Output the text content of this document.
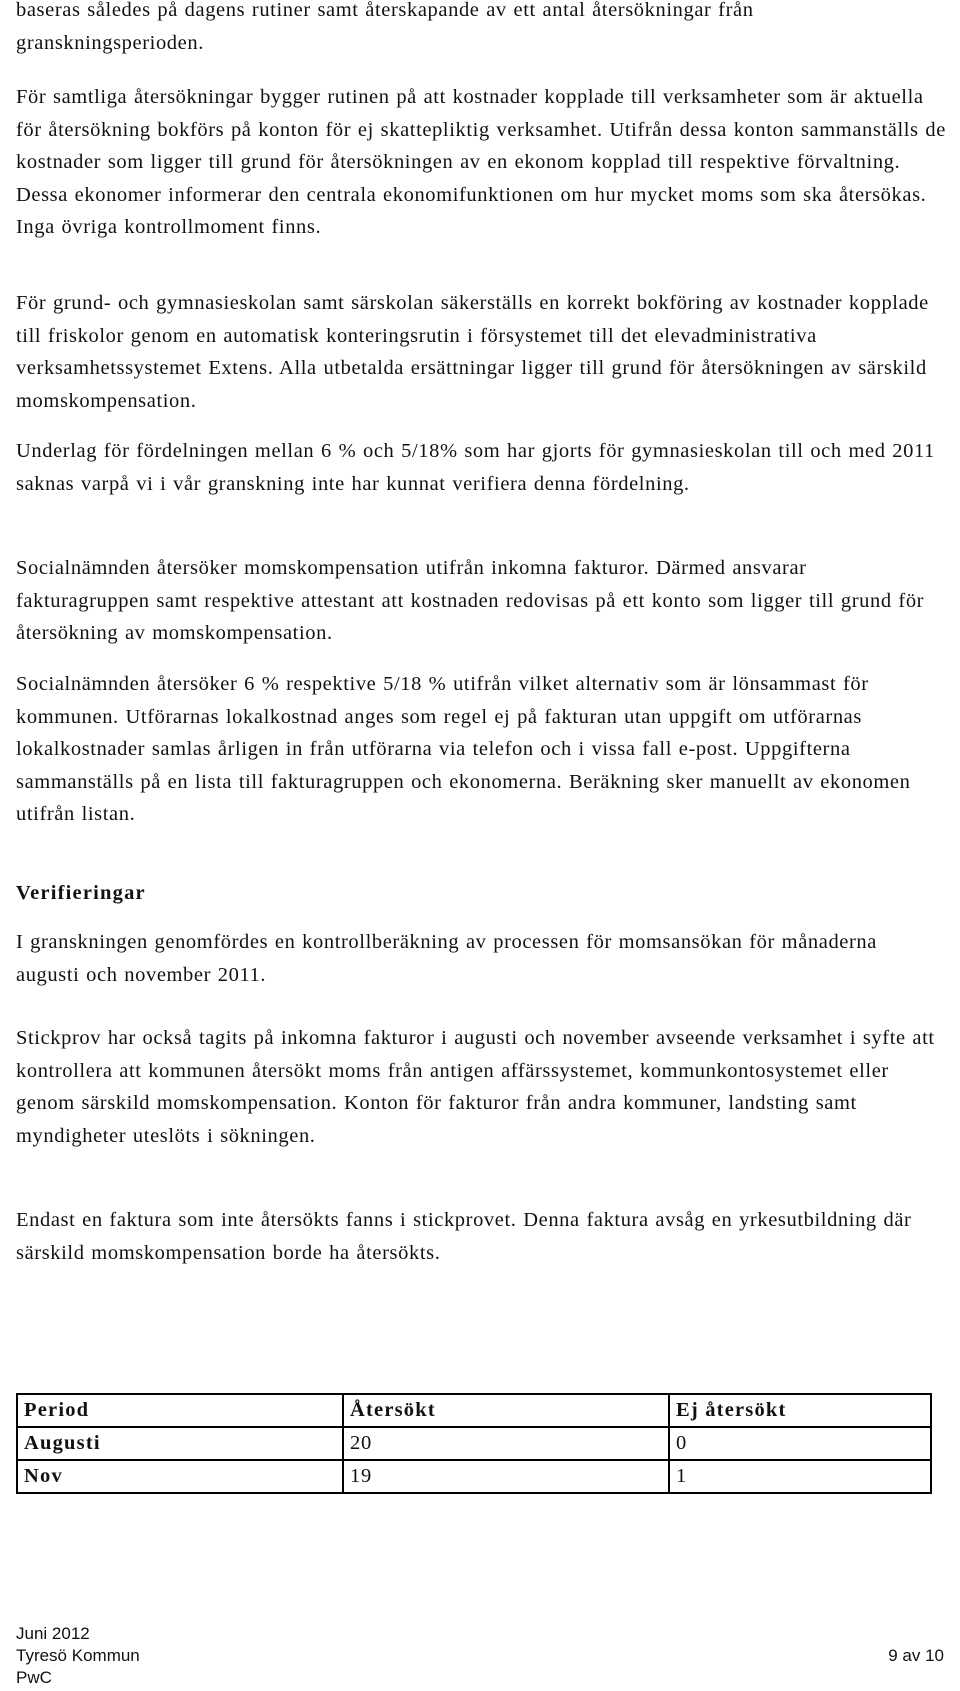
baseras således på dagens rutiner samt återskapande av ett antal återsökningar från granskningsperioden.

För samtliga återsökningar bygger rutinen på att kostnader kopplade till verksamheter som är aktuella för återsökning bokförs på konton för ej skattepliktig verksamhet. Utifrån dessa konton sammanställs de kostnader som ligger till grund för återsökningen av en ekonom kopplad till respektive förvaltning. Dessa ekonomer informerar den centrala ekonomifunktionen om hur mycket moms som ska återsökas. Inga övriga kontrollmoment finns.

För grund- och gymnasieskolan samt särskolan säkerställs en korrekt bokföring av kostnader kopplade till friskolor genom en automatisk konteringsrutin i försystemet till det elevadministrativa verksamhetssystemet Extens. Alla utbetalda ersättningar ligger till grund för återsökningen av särskild momskompensation.

Underlag för fördelningen mellan 6 % och 5/18% som har gjorts för gymnasieskolan till och med 2011 saknas varpå vi i vår granskning inte har kunnat verifiera denna fördelning.

Socialnämnden återsöker momskompensation utifrån inkomna fakturor. Därmed ansvarar fakturagruppen samt respektive attestant att kostnaden redovisas på ett konto som ligger till grund för återsökning av momskompensation.

Socialnämnden återsöker 6 % respektive 5/18 % utifrån vilket alternativ som är lönsammast för kommunen. Utförarnas lokalkostnad anges som regel ej på fakturan utan uppgift om utförarnas lokalkostnader samlas årligen in från utförarna via telefon och i vissa fall e-post. Uppgifterna sammanställs på en lista till fakturagruppen och ekonomerna. Beräkning sker manuellt av ekonomen utifrån listan.

Verifieringar

I granskningen genomfördes en kontrollberäkning av processen för momsansökan för månaderna augusti och november 2011.

Stickprov har också tagits på inkomna fakturor i augusti och november avseende verksamhet i syfte att kontrollera att kommunen återsökt moms från antigen affärssystemet, kommunkontosystemet eller genom särskild momskompensation. Konton för fakturor från andra kommuner, landsting samt myndigheter uteslöts i sökningen.

Endast en faktura som inte återsökts fanns i stickprovet. Denna faktura avsåg en yrkesutbildning där särskild momskompensation borde ha återsökts.

Period	Återsökt	Ej återsökt
Augusti	20	0
Nov	19	1
Juni 2012
Tyresö Kommun	9 av 10
PwC
